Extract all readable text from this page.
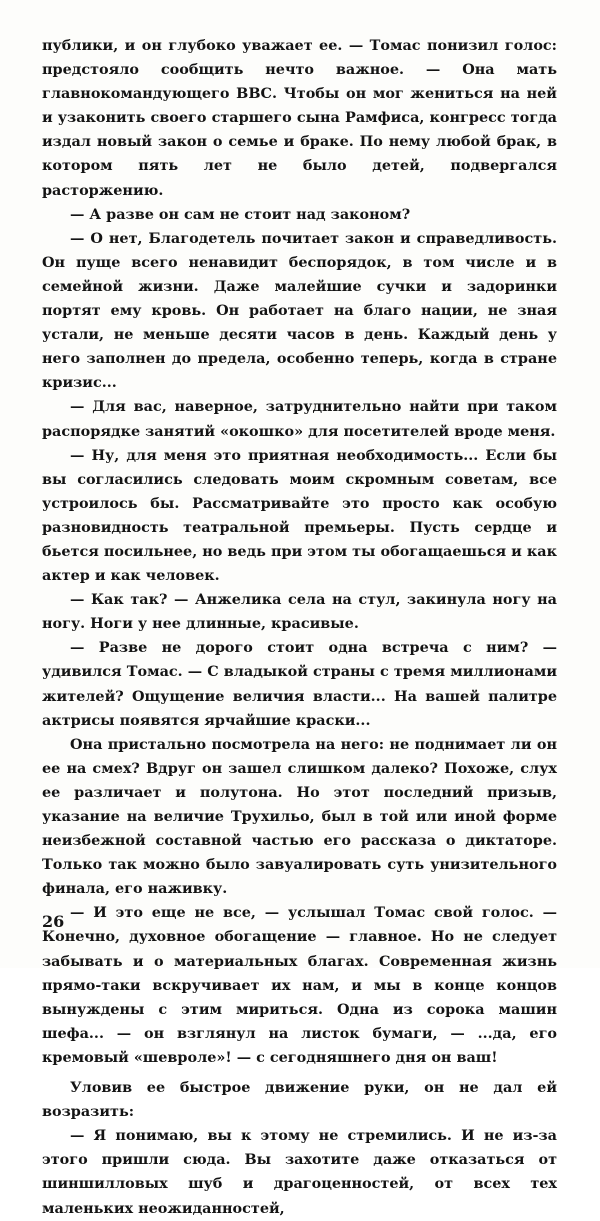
публики, и он глубоко уважает ее. — Томас понизил голос: предстояло сообщить нечто важное. — Она мать главнокомандующего ВВС. Чтобы он мог жениться на ней и узаконить своего старшего сына Рамфиса, конгресс тогда издал новый закон о семье и браке. По нему любой брак, в котором пять лет не было детей, подвергался расторжению.

— А разве он сам не стоит над законом?

— О нет, Благодетель почитает закон и справедливость. Он пуще всего ненавидит беспорядок, в том числе и в семейной жизни. Даже малейшие сучки и задоринки портят ему кровь. Он работает на благо нации, не зная устали, не меньше десяти часов в день. Каждый день у него заполнен до предела, особенно теперь, когда в стране кризис...

— Для вас, наверное, затруднительно найти при таком распорядке занятий «окошко» для посетителей вроде меня.

— Ну, для меня это приятная необходимость... Если бы вы согласились следовать моим скромным советам, все устроилось бы. Рассматривайте это просто как особую разновидность театральной премьеры. Пусть сердце и бьется посильнее, но ведь при этом ты обогащаешься и как актер и как человек.

— Как так? — Анжелика села на стул, закинула ногу на ногу. Ноги у нее длинные, красивые.

— Разве не дорого стоит одна встреча с ним? — удивился Томас. — С владыкой страны с тремя миллионами жителей? Ощущение величия власти... На вашей палитре актрисы появятся ярчайшие краски...

Она пристально посмотрела на него: не поднимает ли он ее на смех? Вдруг он зашел слишком далеко? Похоже, слух ее различает и полутона. Но этот последний призыв, указание на величие Трухильо, был в той или иной форме неизбежной составной частью его рассказа о диктаторе. Только так можно было завуалировать суть унизительного финала, его наживку.

— И это еще не все, — услышал Томас свой голос. — Конечно, духовное обогащение — главное. Но не следует забывать и о материальных благах. Современная жизнь прямо-таки вскручивает их нам, и мы в конце концов вынуждены с этим мириться. Одна из сорока машин шефа... — он взглянул на листок бумаги, — ...да, его кремовый «шевроле»! — с сегодняшнего дня он ваш!

Уловив ее быстрое движение руки, он не дал ей возразить:

— Я понимаю, вы к этому не стремились. И не из-за этого пришли сюда. Вы захотите даже отказаться от шиншилловых шуб и драгоценностей, от всех тех маленьких неожиданностей,

26
